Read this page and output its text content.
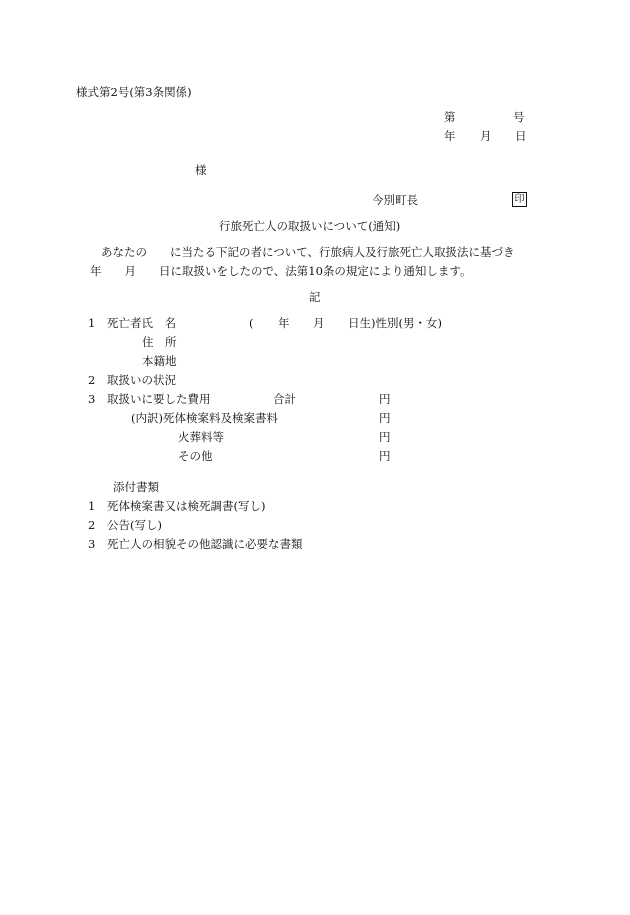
様式第2号(第3条関係)
第	号
年 月 日
様
今別町長	印
行旅死亡人の取扱いについて(通知)
あなたの　　に当たる下記の者について、行旅病人及行旅死亡人取扱法に基づき
年　　月　　日に取扱いをしたので、法第10条の規定により通知します。
記
1 死亡者氏　名	( 年 月 日生)性別(男・女)
住　所
本籍地
2 取扱いの状況
3 取扱いに要した費用	合計	円
(内訳)死体検案料及検案書料	円
火葬料等	円
その他	円
添付書類
1 死体検案書又は検死調書(写し)
2 公告(写し)
3 死亡人の相貌その他認識に必要な書類
